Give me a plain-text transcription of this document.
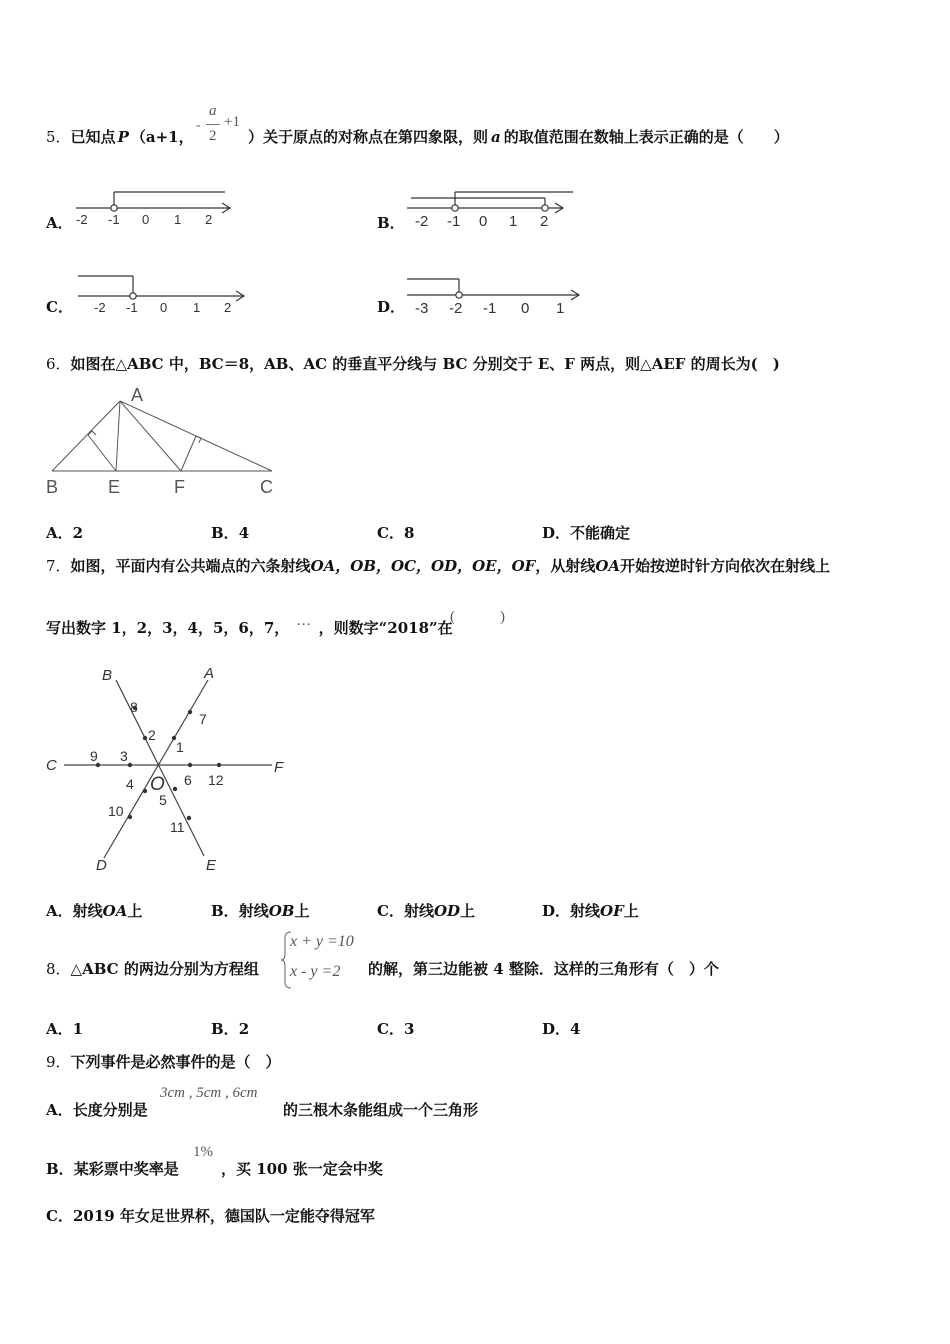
5．已知点 P （a+1，
-
a
2
+1
）关于原点的对称点在第四象限，则 a 的取值范围在数轴上表示正确的是（　　）
A． -2 -1 0 1 2	B． -2 -1 0 1 2
C． -2 -1 0 1 2	D． -3 -2 -1 0 1
6．如图在△ABC 中，BC＝8，AB、AC 的垂直平分线与 BC 分别交于 E、F 两点，则△AEF 的周长为(　)
A
B	E	F	C
A．2	B．4	C．8	D．不能确定
7．如图，平面内有公共端点的六条射线OA，OB，OC，OD，OE，OF，从射线OA开始按逆时针方向依次在射线上
写出数字 1，2，3，4，5，6，7， … ，则数字“2018”在
(　　　)
B	A
C	F
D	E
O
8
2
1
7
9 3
4	6 12
5
10
11
A．射线OA上	B．射线OB上	C．射线OD上	D．射线OF上
8．△ABC 的两边分别为方程组
x + y =10
x - y =2 的解，第三边能被 4 整除．这样的三角形有（　）个
A．1	B．2	C．3	D．4
9．下列事件是必然事件的是（　）
A．长度分别是
3cm , 5cm , 6cm
的三根木条能组成一个三角形
B．某彩票中奖率是
1%
，买 100 张一定会中奖
C．2019 年女足世界杯，德国队一定能夺得冠军
